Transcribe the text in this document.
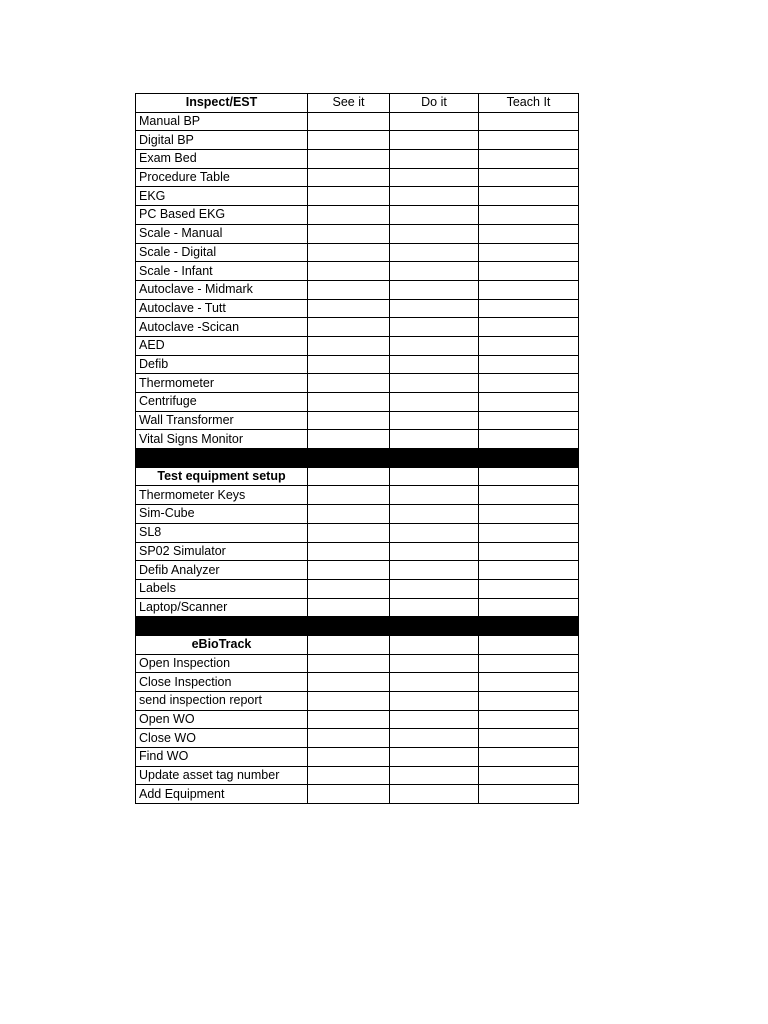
Inspect/EST	See it	Do it	Teach It
Manual BP			
Digital BP			
Exam Bed			
Procedure Table			
EKG			
PC Based EKG			
Scale - Manual			
Scale - Digital			
Scale - Infant			
Autoclave - Midmark			
Autoclave - Tutt			
Autoclave -Scican			
AED			
Defib			
Thermometer			
Centrifuge			
Wall Transformer			
Vital Signs Monitor			

Test equipment setup			
Thermometer Keys			
Sim-Cube			
SL8			
SP02 Simulator			
Defib Analyzer			
Labels			
Laptop/Scanner			

eBioTrack			
Open Inspection			
Close Inspection			
send inspection report			
Open WO			
Close WO			
Find WO			
Update asset tag number			
Add Equipment			
